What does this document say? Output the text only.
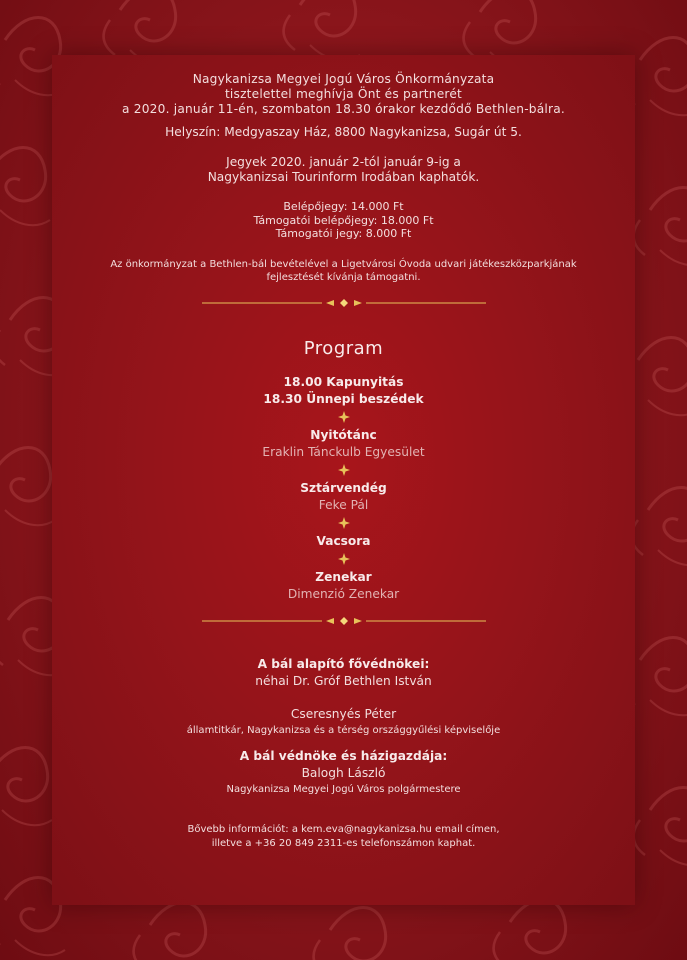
Nagykanizsa Megyei Jogú Város Önkormányzata
tisztelettel meghívja Önt és partnerét
a 2020. január 11-én, szombaton 18.30 órakor kezdődő Bethlen-bálra.
Helyszín: Medgyaszay Ház, 8800 Nagykanizsa, Sugár út 5.
Jegyek 2020. január 2-tól január 9-ig a
Nagykanizsai Tourinform Irodában kaphatók.
Belépőjegy: 14.000 Ft
Támogatói belépőjegy: 18.000 Ft
Támogatói jegy: 8.000 Ft
Az önkormányzat a Bethlen-bál bevételével a Ligetvárosi Óvoda udvari játékeszközparkjának
fejlesztését kívánja támogatni.
Program
18.00 Kapunyitás
18.30 Ünnepi beszédek
Nyitótánc
Eraklin Tánckulb Egyesület
Sztárvendég
Feke Pál
Vacsora
Zenekar
Dimenzió Zenekar
A bál alapító fővédnökei:
néhai Dr. Gróf Bethlen István
Cseresnyés Péter
államtitkár, Nagykanizsa és a térség országgyűlési képviselője
A bál védnöke és házigazdája:
Balogh László
Nagykanizsa Megyei Jogú Város polgármestere
Bővebb információt: a kem.eva@nagykanizsa.hu email címen,
illetve a +36 20 849 2311-es telefonszámon kaphat.
